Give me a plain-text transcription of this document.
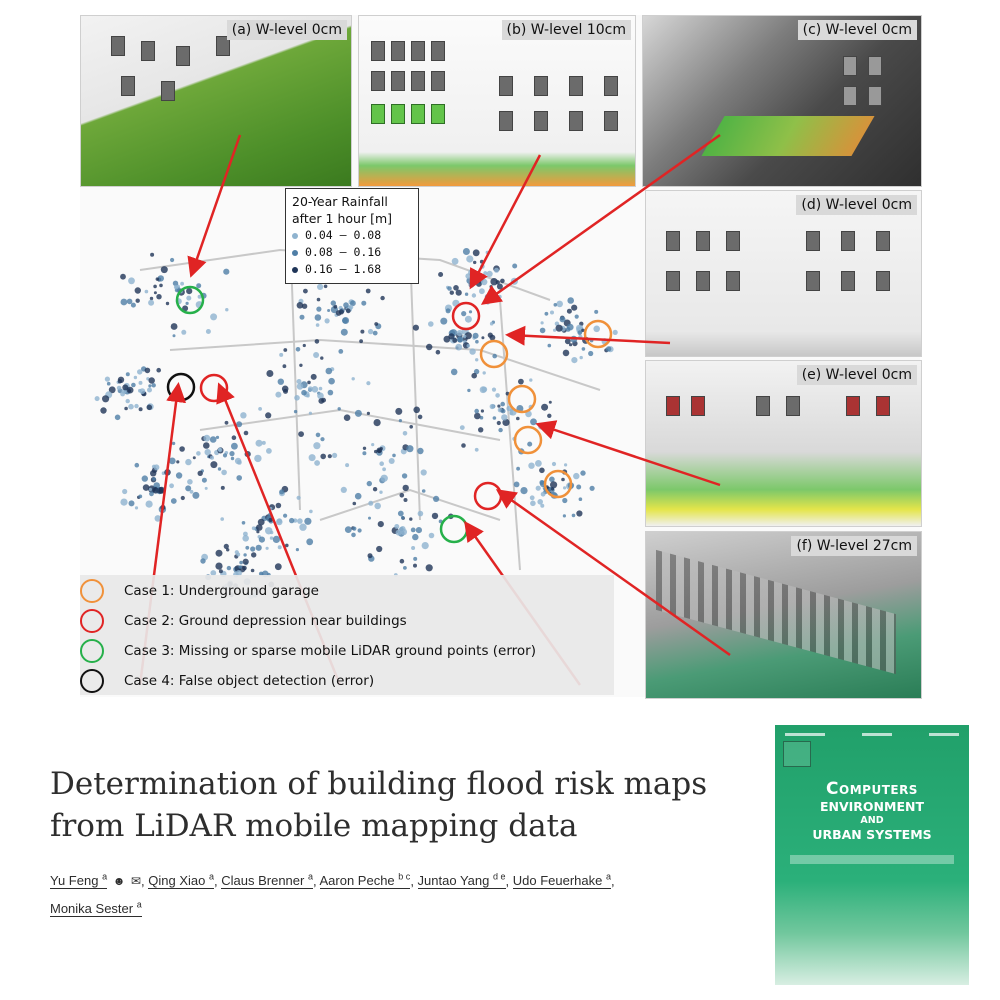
(a) W-level 0cm	(b) W-level 10cm	(c) W-level 0cm
(d) W-level 0cm
(e) W-level 0cm
(f) W-level 27cm
20-Year Rainfall
after 1 hour [m]
0.04 – 0.08
0.08 – 0.16
0.16 – 1.68
Case 1: Underground garage
Case 2: Ground depression near buildings
Case 3: Missing or sparse mobile LiDAR ground points (error)
Case 4: False object detection (error)
Determination of building flood risk maps from LiDAR mobile mapping data
Yu Feng $^a$ ☻ ✉, Qing Xiao $^a$, Claus Brenner $^a$, Aaron Peche $^{b c}$, Juntao Yang $^{d e}$, Udo Feuerhake $^a$,
Monika Sester $^a$
Computers
ENVIRONMENT
AND
URBAN SYSTEMS
